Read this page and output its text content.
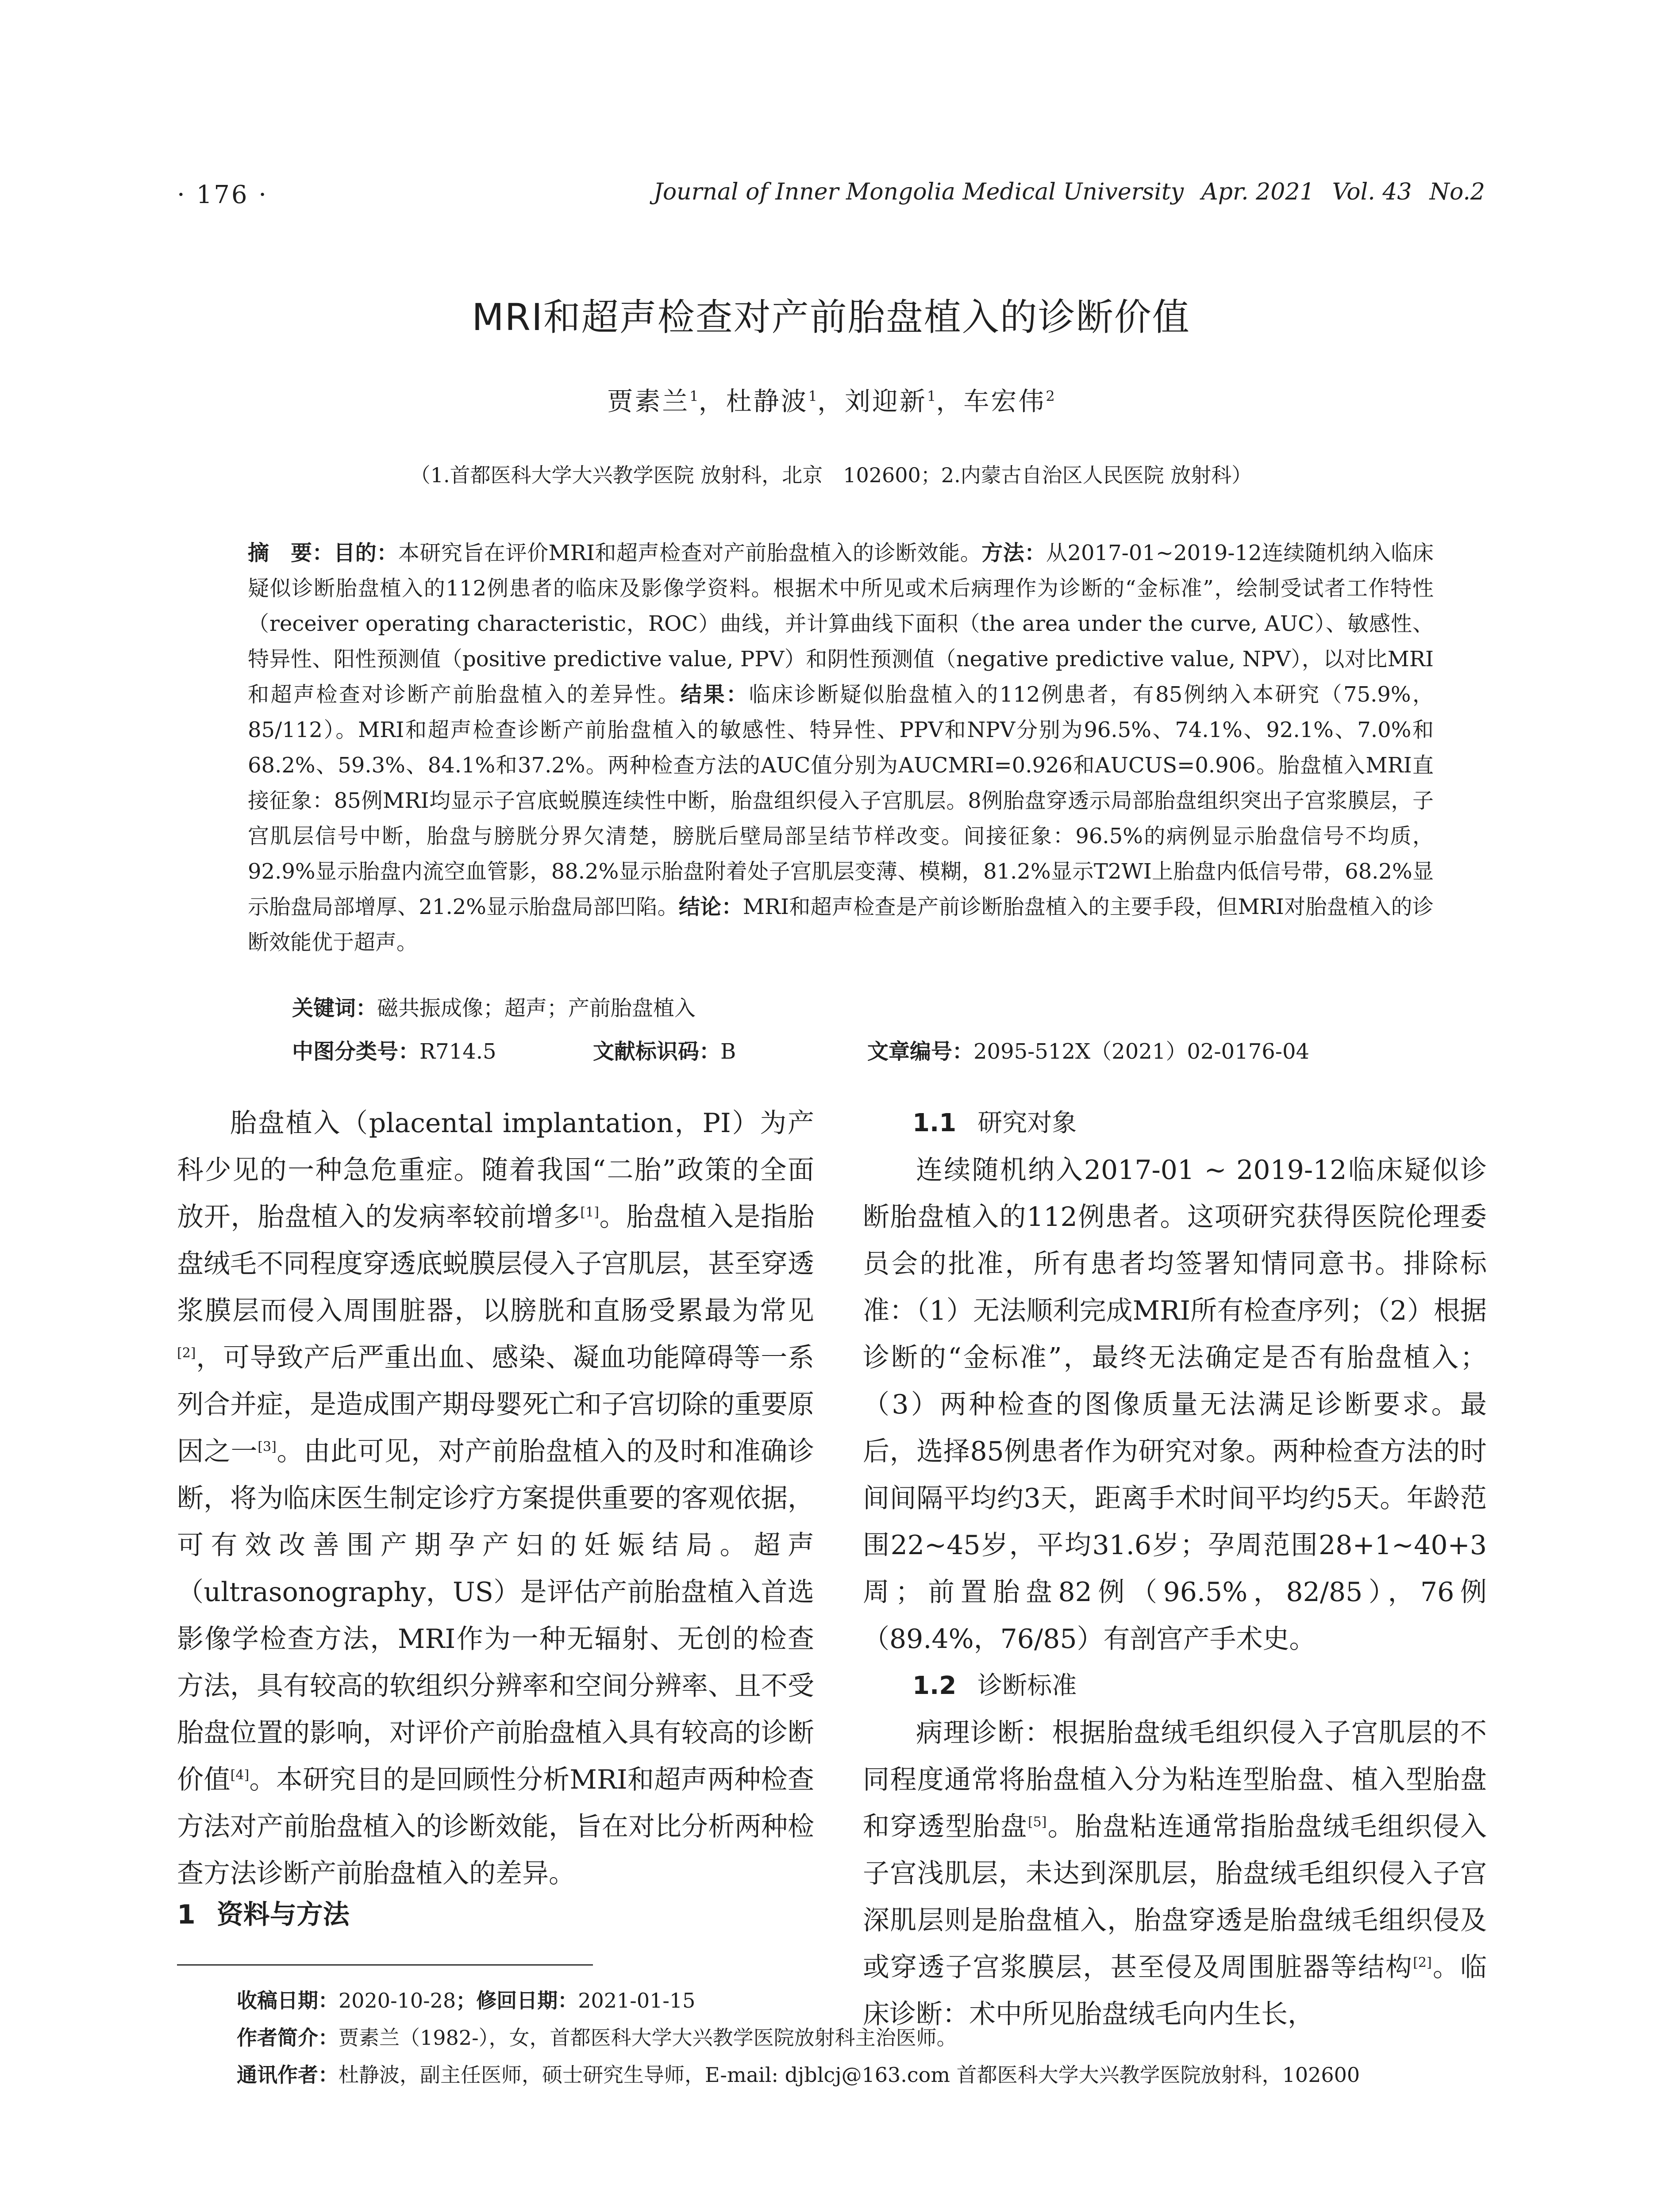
· 176 ·	Journal of Inner Mongolia Medical University Apr. 2021 Vol. 43 No.2
MRI和超声检查对产前胎盘植入的诊断价值
贾素兰$^1$，杜静波$^1$，刘迎新$^1$，车宏伟$^2$
（1.首都医科大学大兴教学医院 放射科，北京　102600；2.内蒙古自治区人民医院 放射科）
摘　要：目的：本研究旨在评价MRI和超声检查对产前胎盘植入的诊断效能。方法：从2017-01~2019-12连续随机纳入临床疑似诊断胎盘植入的112例患者的临床及影像学资料。根据术中所见或术后病理作为诊断的“金标准”，绘制受试者工作特性（receiver operating characteristic，ROC）曲线，并计算曲线下面积（the area under the curve, AUC）、敏感性、特异性、阳性预测值（positive predictive value, PPV）和阴性预测值（negative predictive value, NPV），以对比MRI和超声检查对诊断产前胎盘植入的差异性。结果：临床诊断疑似胎盘植入的112例患者，有85例纳入本研究（75.9%，85/112）。MRI和超声检查诊断产前胎盘植入的敏感性、特异性、PPV和NPV分别为96.5%、74.1%、92.1%、7.0%和68.2%、59.3%、84.1%和37.2%。两种检查方法的AUC值分别为AUCMRI=0.926和AUCUS=0.906。胎盘植入MRI直接征象：85例MRI均显示子宫底蜕膜连续性中断，胎盘组织侵入子宫肌层。8例胎盘穿透示局部胎盘组织突出子宫浆膜层，子宫肌层信号中断，胎盘与膀胱分界欠清楚，膀胱后壁局部呈结节样改变。间接征象：96.5%的病例显示胎盘信号不均质，92.9%显示胎盘内流空血管影，88.2%显示胎盘附着处子宫肌层变薄、模糊，81.2%显示T2WI上胎盘内低信号带，68.2%显示胎盘局部增厚、21.2%显示胎盘局部凹陷。结论：MRI和超声检查是产前诊断胎盘植入的主要手段，但MRI对胎盘植入的诊断效能优于超声。
关键词：磁共振成像；超声；产前胎盘植入
中图分类号：R714.5	文献标识码：B	文章编号：2095-512X（2021）02-0176-04

胎盘植入（placental implantation，PI）为产科少见的一种急危重症。随着我国“二胎”政策的全面放开，胎盘植入的发病率较前增多[1]。胎盘植入是指胎盘绒毛不同程度穿透底蜕膜层侵入子宫肌层，甚至穿透浆膜层而侵入周围脏器，以膀胱和直肠受累最为常见[2]，可导致产后严重出血、感染、凝血功能障碍等一系列合并症，是造成围产期母婴死亡和子宫切除的重要原因之一[3]。由此可见，对产前胎盘植入的及时和准确诊断，将为临床医生制定诊疗方案提供重要的客观依据，可有效改善围产期孕产妇的妊娠结局。超声（ultrasonography，US）是评估产前胎盘植入首选影像学检查方法，MRI作为一种无辐射、无创的检查方法，具有较高的软组织分辨率和空间分辨率、且不受胎盘位置的影响，对评价产前胎盘植入具有较高的诊断价值[4]。本研究目的是回顾性分析MRI和超声两种检查方法对产前胎盘植入的诊断效能，旨在对比分析两种检查方法诊断产前胎盘植入的差异。

1 资料与方法

1.1 研究对象

连续随机纳入2017-01 ~ 2019-12临床疑似诊断胎盘植入的112例患者。这项研究获得医院伦理委员会的批准，所有患者均签署知情同意书。排除标准：（1）无法顺利完成MRI所有检查序列；（2）根据诊断的“金标准”，最终无法确定是否有胎盘植入；（3）两种检查的图像质量无法满足诊断要求。最后，选择85例患者作为研究对象。两种检查方法的时间间隔平均约3天，距离手术时间平均约5天。年龄范围22~45岁，平均31.6岁；孕周范围28+1~40+3周；前置胎盘82例（96.5%，82/85），76例（89.4%，76/85）有剖宫产手术史。

1.2 诊断标准

病理诊断：根据胎盘绒毛组织侵入子宫肌层的不同程度通常将胎盘植入分为粘连型胎盘、植入型胎盘和穿透型胎盘[5]。胎盘粘连通常指胎盘绒毛组织侵入子宫浅肌层，未达到深肌层，胎盘绒毛组织侵入子宫深肌层则是胎盘植入，胎盘穿透是胎盘绒毛组织侵及或穿透子宫浆膜层，甚至侵及周围脏器等结构[2]。临床诊断：术中所见胎盘绒毛向内生长，

收稿日期：2020-10-28；修回日期：2021-01-15
作者简介：贾素兰（1982-），女，首都医科大学大兴教学医院放射科主治医师。
通讯作者：杜静波，副主任医师，硕士研究生导师，E-mail: djblcj@163.com 首都医科大学大兴教学医院放射科，102600
